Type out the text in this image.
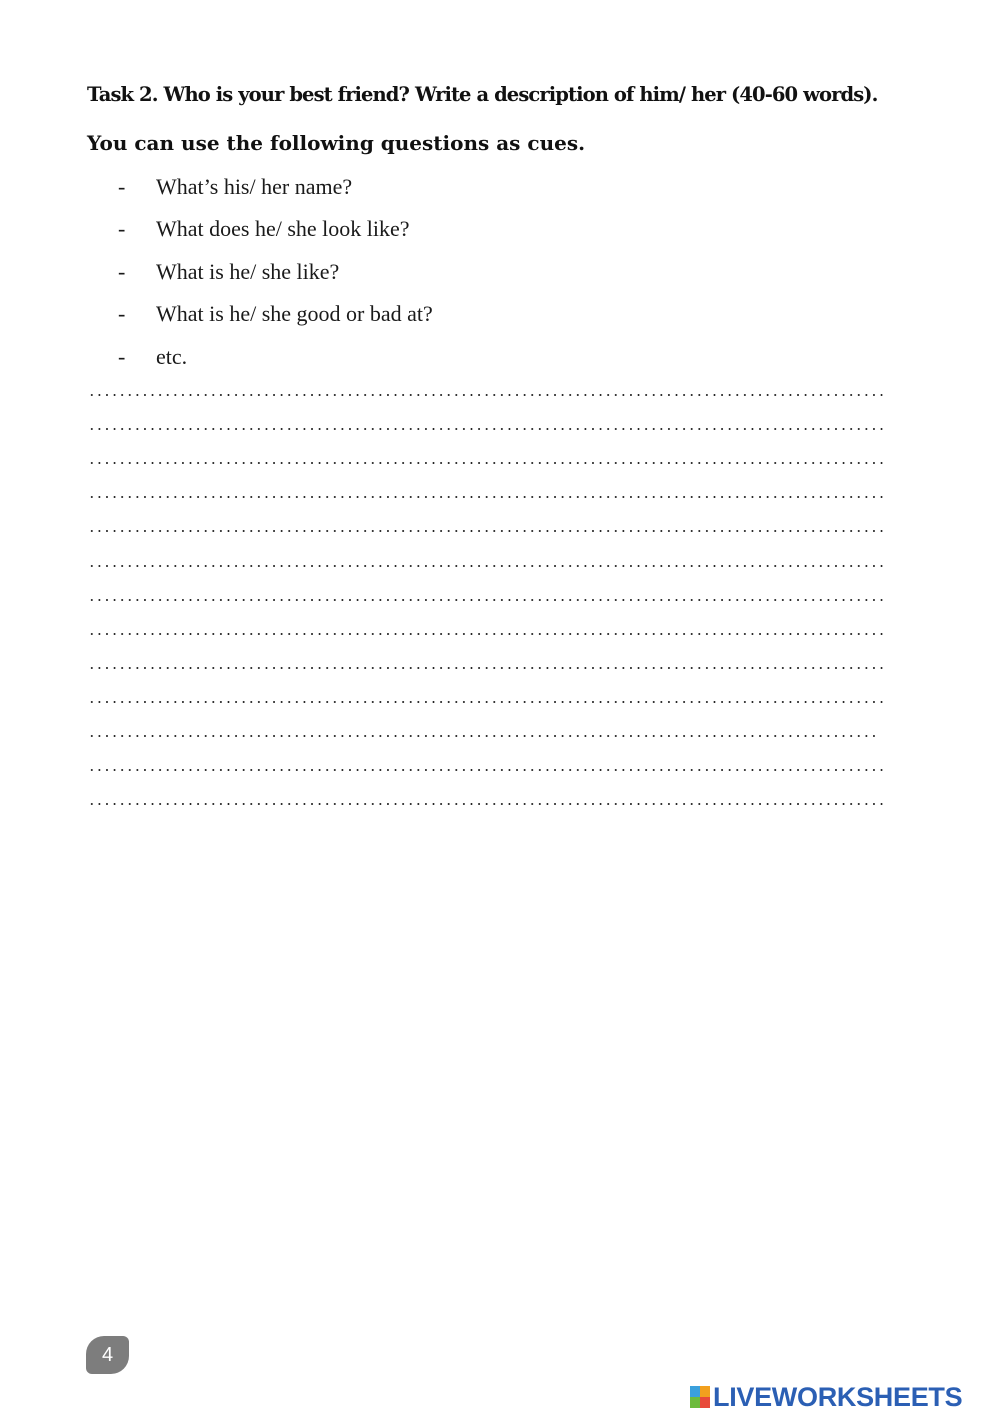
Task 2. Who is your best friend? Write a description of him/ her (40-60 words).

You can use the following questions as cues.

- What’s his/ her name?
- What does he/ she look like?
- What is he/ she like?
- What is he/ she good or bad at?
- etc.
4
LIVEWORKSHEETS
